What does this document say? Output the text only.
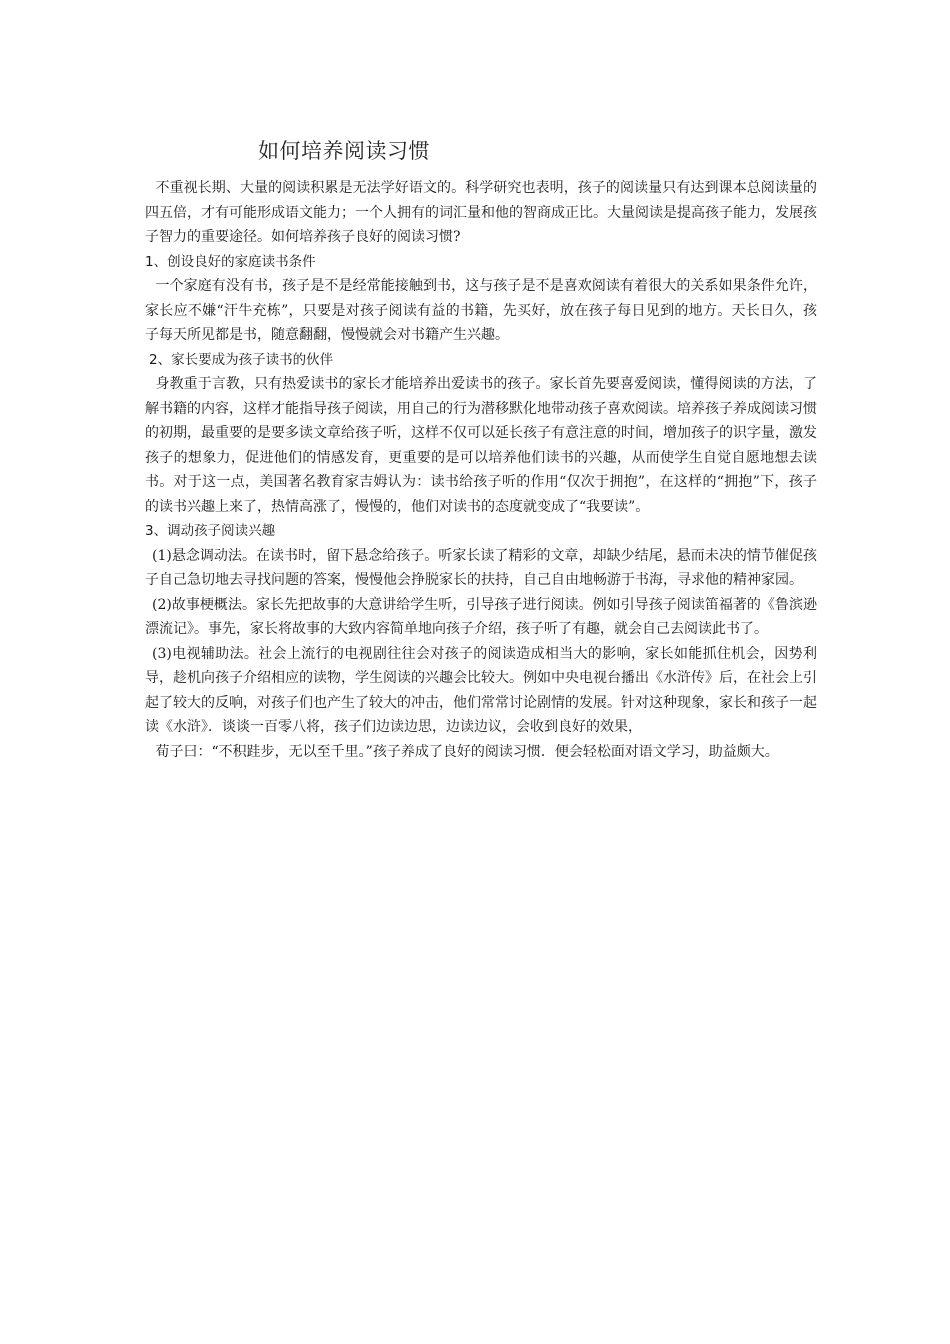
如何培养阅读习惯

不重视长期、大量的阅读积累是无法学好语文的。科学研究也表明，孩子的阅读量只有达到课本总阅读量的四五倍，才有可能形成语文能力；一个人拥有的词汇量和他的智商成正比。大量阅读是提高孩子能力，发展孩子智力的重要途径。如何培养孩子良好的阅读习惯?

1、创设良好的家庭读书条件

一个家庭有没有书，孩子是不是经常能接触到书，这与孩子是不是喜欢阅读有着很大的关系如果条件允许，家长应不嫌“汗牛充栋”，只要是对孩子阅读有益的书籍，先买好，放在孩子每日见到的地方。天长日久，孩子每天所见都是书，随意翻翻，慢慢就会对书籍产生兴趣。

2、家长要成为孩子读书的伙伴

身教重于言教，只有热爱读书的家长才能培养出爱读书的孩子。家长首先要喜爱阅读，懂得阅读的方法，了解书籍的内容，这样才能指导孩子阅读，用自己的行为潜移默化地带动孩子喜欢阅读。培养孩子养成阅读习惯的初期，最重要的是要多读文章给孩子听，这样不仅可以延长孩子有意注意的时间，增加孩子的识字量，激发孩子的想象力，促进他们的情感发育，更重要的是可以培养他们读书的兴趣，从而使学生自觉自愿地想去读书。对于这一点，美国著名教育家吉姆认为：读书给孩子听的作用“仅次于拥抱”，在这样的“拥抱”下，孩子的读书兴趣上来了，热情高涨了，慢慢的，他们对读书的态度就变成了“我要读”。

3、调动孩子阅读兴趣

(1)悬念调动法。在读书时，留下悬念给孩子。听家长读了精彩的文章，却缺少结尾，悬而未决的情节催促孩子自己急切地去寻找问题的答案，慢慢他会挣脱家长的扶持，自己自由地畅游于书海，寻求他的精神家园。

(2)故事梗概法。家长先把故事的大意讲给学生听，引导孩子进行阅读。例如引导孩子阅读笛福著的《鲁滨逊漂流记》。事先，家长将故事的大致内容简单地向孩子介绍，孩子听了有趣，就会自己去阅读此书了。

(3)电视辅助法。社会上流行的电视剧往往会对孩子的阅读造成相当大的影响，家长如能抓住机会，因势利导，趁机向孩子介绍相应的读物，学生阅读的兴趣会比较大。例如中央电视台播出《水浒传》后，在社会上引起了较大的反响，对孩子们也产生了较大的冲击，他们常常讨论剧情的发展。针对这种现象，家长和孩子一起读《水浒》．谈谈一百零八将，孩子们边读边思，边读边议，会收到良好的效果，

荀子曰：“不积跬步，无以至千里。”孩子养成了良好的阅读习惯．便会轻松面对语文学习，助益颇大。
